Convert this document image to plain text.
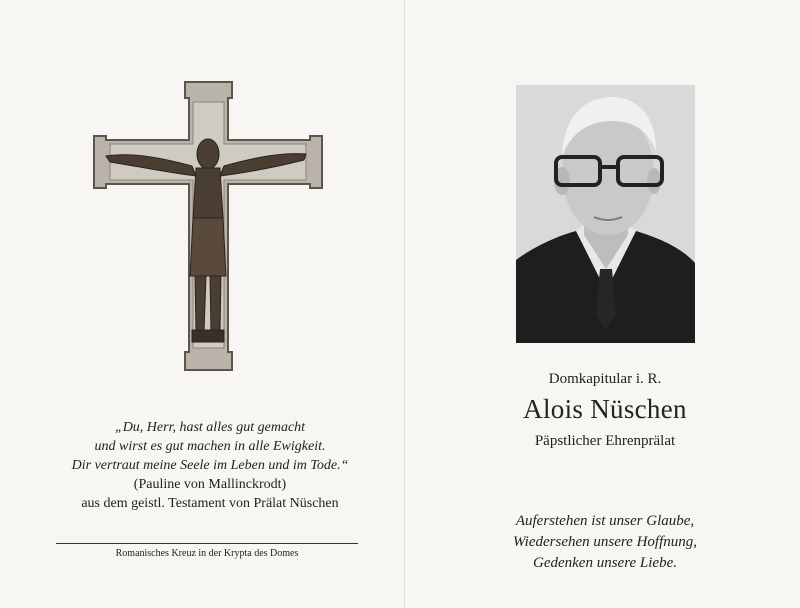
„Du, Herr, hast alles gut gemacht
und wirst es gut machen in alle Ewigkeit.
Dir vertraut meine Seele im Leben und im Tode.“
(Pauline von Mallinckrodt)
aus dem geistl. Testament von Prälat Nüschen
Romanisches Kreuz in der Krypta des Domes
Domkapitular i. R.
Alois Nüschen
Päpstlicher Ehrenprälat
Auferstehen ist unser Glaube,
Wiedersehen unsere Hoffnung,
Gedenken unsere Liebe.
